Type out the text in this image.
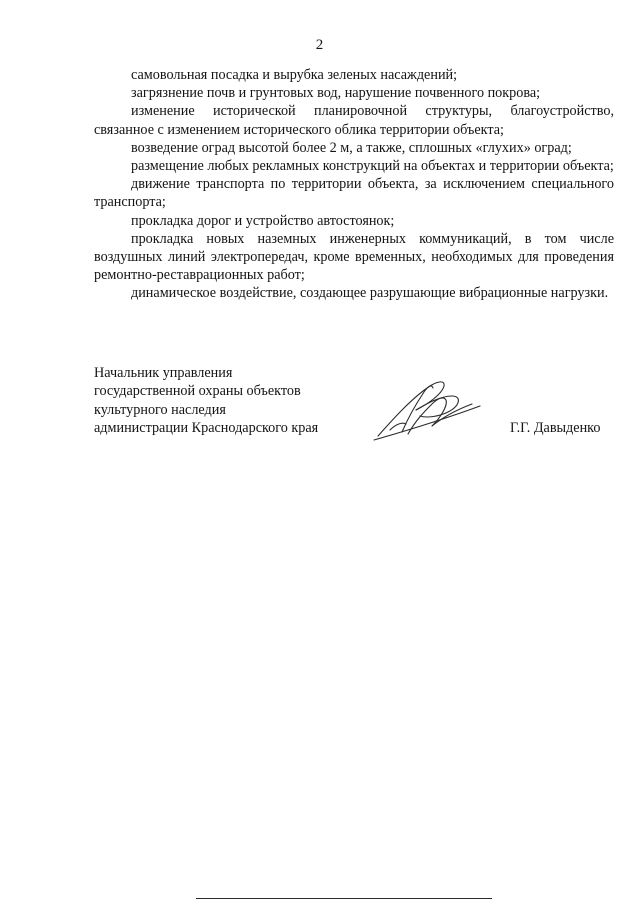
2

самовольная посадка и вырубка зеленых насаждений;

загрязнение почв и грунтовых вод, нарушение почвенного покрова;

изменение исторической планировочной структуры, благоустройство, связанное с изменением исторического облика территории объекта;

возведение оград высотой более 2 м, а также, сплошных «глухих» оград;

размещение любых рекламных конструкций на объектах и территории объекта;

движение транспорта по территории объекта, за исключением специального транспорта;

прокладка дорог и устройство автостоянок;

прокладка новых наземных инженерных коммуникаций, в том числе воздушных линий электропередач, кроме временных, необходимых для проведения ремонтно-реставрационных работ;

динамическое воздействие, создающее разрушающие вибрационные нагрузки.

Начальник управления
государственной охраны объектов
культурного наследия
администрации Краснодарского края	Г.Г. Давыденко
